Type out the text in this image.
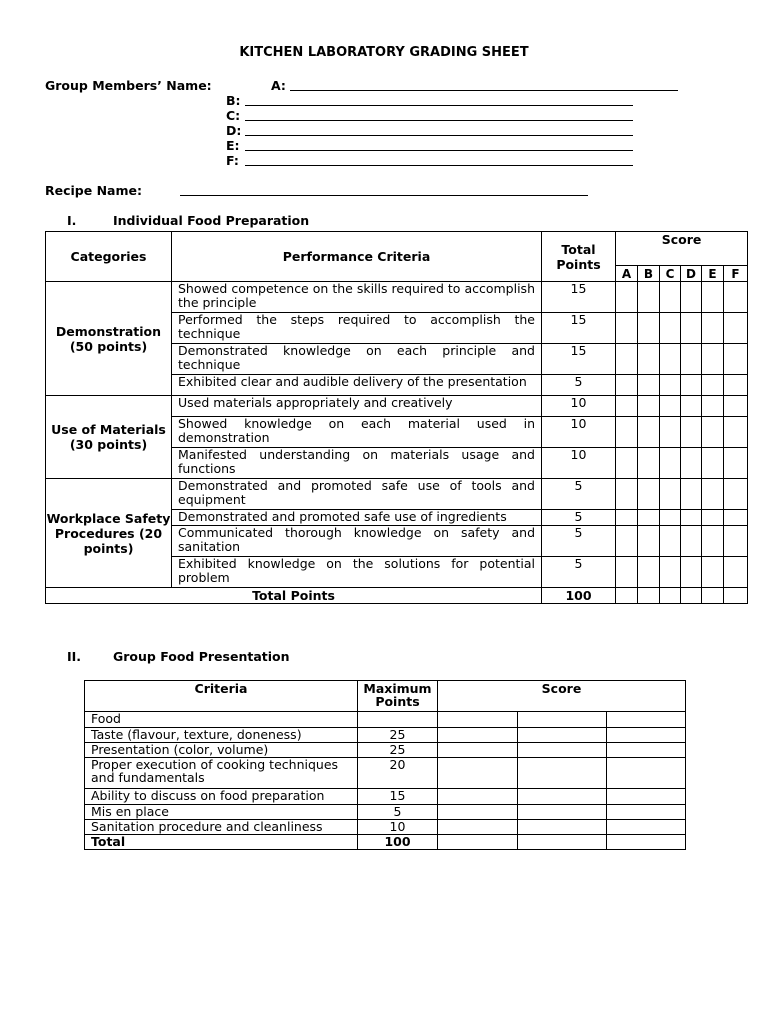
KITCHEN LABORATORY GRADING SHEET
Group Members’ Name:	A:
B:
C:
D:
E:
F:
Recipe Name:
I.	Individual Food Preparation
Categories	Performance Criteria	Total Points	Score					
			A	B	C	D	E	F
Demonstration (50 points)	Showed competence on the skills required to accomplish the principle	15						
	Performed the steps required to accomplish the technique	15						
	Demonstrated knowledge on each principle and technique	15						
	Exhibited clear and audible delivery of the presentation	5						
Use of Materials (30 points)	Used materials appropriately and creatively	10						
	Showed knowledge on each material used in demonstration	10						
	Manifested understanding on materials usage and functions	10						
Workplace Safety Procedures (20 points)	Demonstrated and promoted safe use of tools and equipment	5						
	Demonstrated and promoted safe use of ingredients	5						
	Communicated thorough knowledge on safety and sanitation	5						
	Exhibited knowledge on the solutions for potential problem	5						
Total Points		100						
II.	Group Food Presentation
Criteria	Maximum Points	Score		
Food				
Taste (flavour, texture, doneness)	25			
Presentation (color, volume)	25			
Proper execution of cooking techniques and fundamentals	20			
Ability to discuss on food preparation	15			
Mis en place	5			
Sanitation procedure and cleanliness	10			
Total	100			
